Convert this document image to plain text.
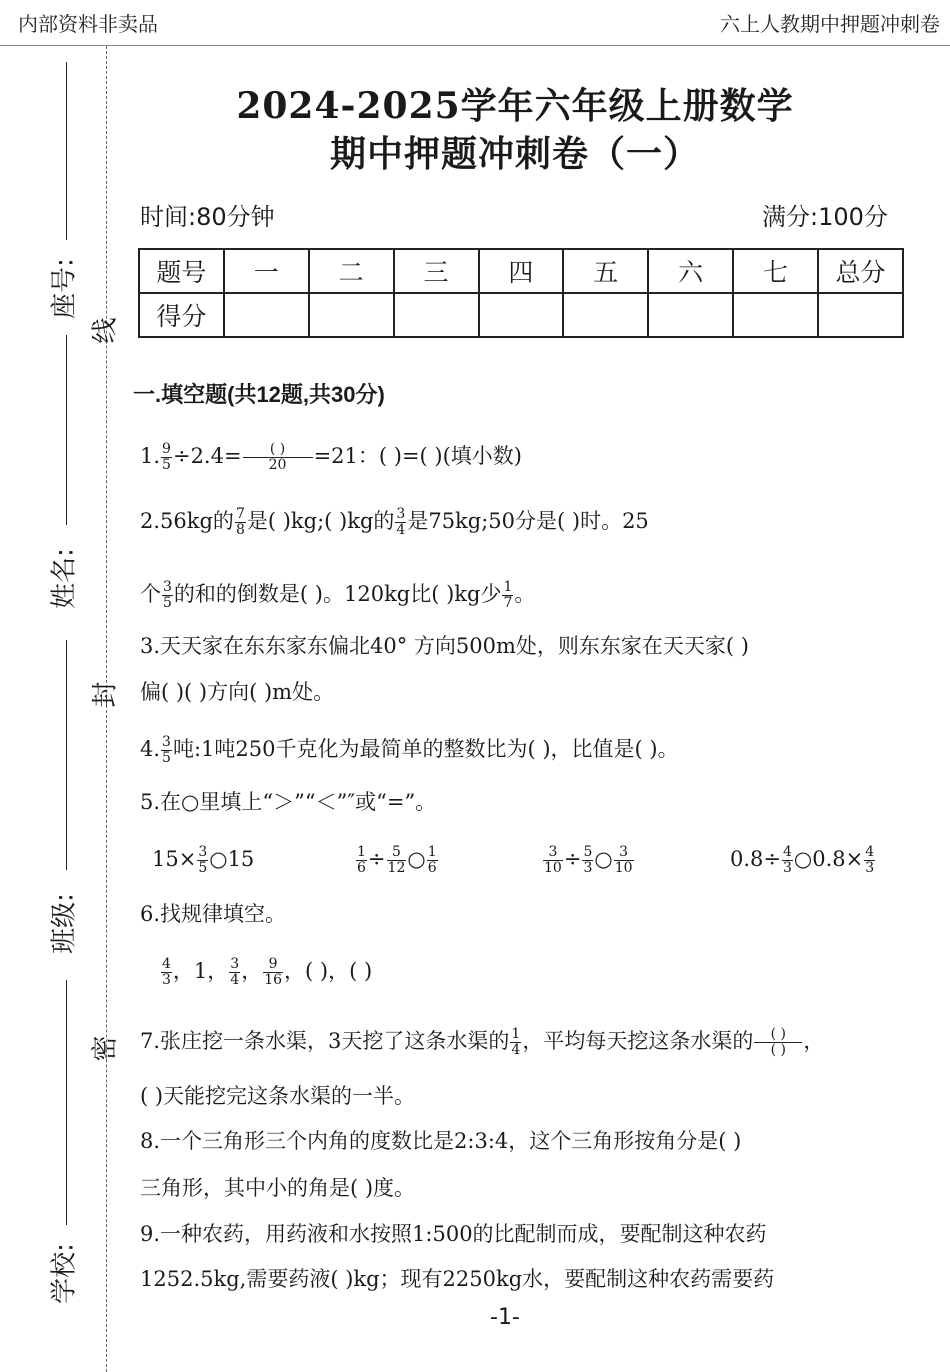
内部资料非卖品	六上人教期中押题冲刺卷
座号:
姓名:
班级:
学校:
线
封
密
2024-2025学年六年级上册数学
期中押题冲刺卷（一）
时间:80分钟	满分:100分
题号	一	二	三	四	五	六	七	总分
得分								
一.填空题(共12题,共30分)
1. $\frac{9}{5} \div 2.4= \frac{( )}{20} =21$：( )=( )(填小数)
2.56kg的 $\frac{7}{8}$ 是( )kg;( )kg的 $\frac{3}{4}$ 是75kg;50分是( )时。25
个 $\frac{3}{5}$ 的和的倒数是( )。120kg比( )kg少 $\frac{1}{7}$ 。
3.天天家在东东家东偏北40° 方向500m处，则东东家在天天家( )
偏( )( )方向( )m处。
4. $\frac{3}{5}$ 吨:1吨250千克化为最简单的整数比为( )，比值是( )。
5.在○里填上“＞”“＜”″或“=”。
$15\times \frac{3}{5}$ ○15	$\frac{1}{6} \div \frac{5}{12}$ ○ $\frac{1}{6}$	$\frac{3}{10} \div \frac{5}{3}$ ○ $\frac{3}{10}$	$0.8\div \frac{4}{3}$ ○0.8× $\frac{4}{3}$
6.找规律填空。
$\frac{4}{3}$ ，1， $\frac{3}{4}$ ， $\frac{9}{16}$ ，( )，( )
7.张庄挖一条水渠，3天挖了这条水渠的 $\frac{1}{4}$ ，平均每天挖这条水渠的 $\frac{( )}{( )}$ ，
( )天能挖完这条水渠的一半。
8.一个三角形三个内角的度数比是2:3:4，这个三角形按角分是( )
三角形，其中小的角是( )度。
9.一种农药，用药液和水按照1:500的比配制而成，要配制这种农药
1252.5kg,需要药液( )kg；现有2250kg水，要配制这种农药需要药
-1-
